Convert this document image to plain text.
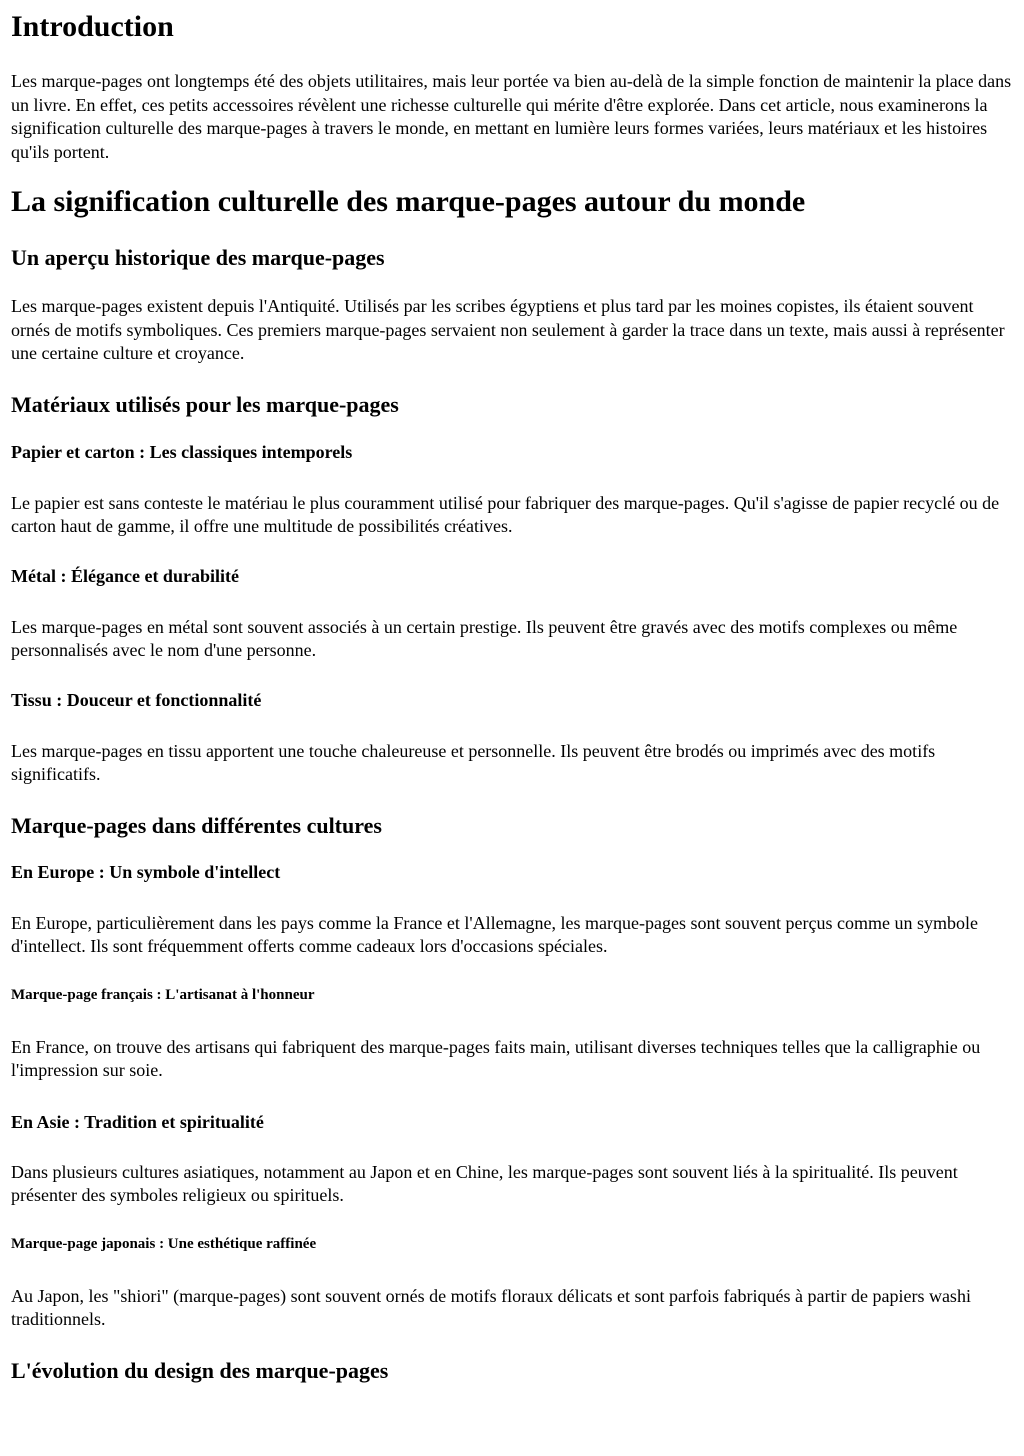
Introduction

Les marque-pages ont longtemps été des objets utilitaires, mais leur portée va bien au-delà de la simple fonction de maintenir la place dans un livre. En effet, ces petits accessoires révèlent une richesse culturelle qui mérite d'être explorée. Dans cet article, nous examinerons la signification culturelle des marque-pages à travers le monde, en mettant en lumière leurs formes variées, leurs matériaux et les histoires qu'ils portent.

La signification culturelle des marque-pages autour du monde
Un aperçu historique des marque-pages

Les marque-pages existent depuis l'Antiquité. Utilisés par les scribes égyptiens et plus tard par les moines copistes, ils étaient souvent ornés de motifs symboliques. Ces premiers marque-pages servaient non seulement à garder la trace dans un texte, mais aussi à représenter une certaine culture et croyance.

Matériaux utilisés pour les marque-pages
Papier et carton : Les classiques intemporels

Le papier est sans conteste le matériau le plus couramment utilisé pour fabriquer des marque-pages. Qu'il s'agisse de papier recyclé ou de carton haut de gamme, il offre une multitude de possibilités créatives.

Métal : Élégance et durabilité

Les marque-pages en métal sont souvent associés à un certain prestige. Ils peuvent être gravés avec des motifs complexes ou même personnalisés avec le nom d'une personne.

Tissu : Douceur et fonctionnalité

Les marque-pages en tissu apportent une touche chaleureuse et personnelle. Ils peuvent être brodés ou imprimés avec des motifs significatifs.

Marque-pages dans différentes cultures
En Europe : Un symbole d'intellect

En Europe, particulièrement dans les pays comme la France et l'Allemagne, les marque-pages sont souvent perçus comme un symbole d'intellect. Ils sont fréquemment offerts comme cadeaux lors d'occasions spéciales.

Marque-page français : L'artisanat à l'honneur

En France, on trouve des artisans qui fabriquent des marque-pages faits main, utilisant diverses techniques telles que la calligraphie ou l'impression sur soie.

En Asie : Tradition et spiritualité

Dans plusieurs cultures asiatiques, notamment au Japon et en Chine, les marque-pages sont souvent liés à la spiritualité. Ils peuvent présenter des symboles religieux ou spirituels.

Marque-page japonais : Une esthétique raffinée

Au Japon, les "shiori" (marque-pages) sont souvent ornés de motifs floraux délicats et sont parfois fabriqués à partir de papiers washi traditionnels.

L'évolution du design des marque-pages
